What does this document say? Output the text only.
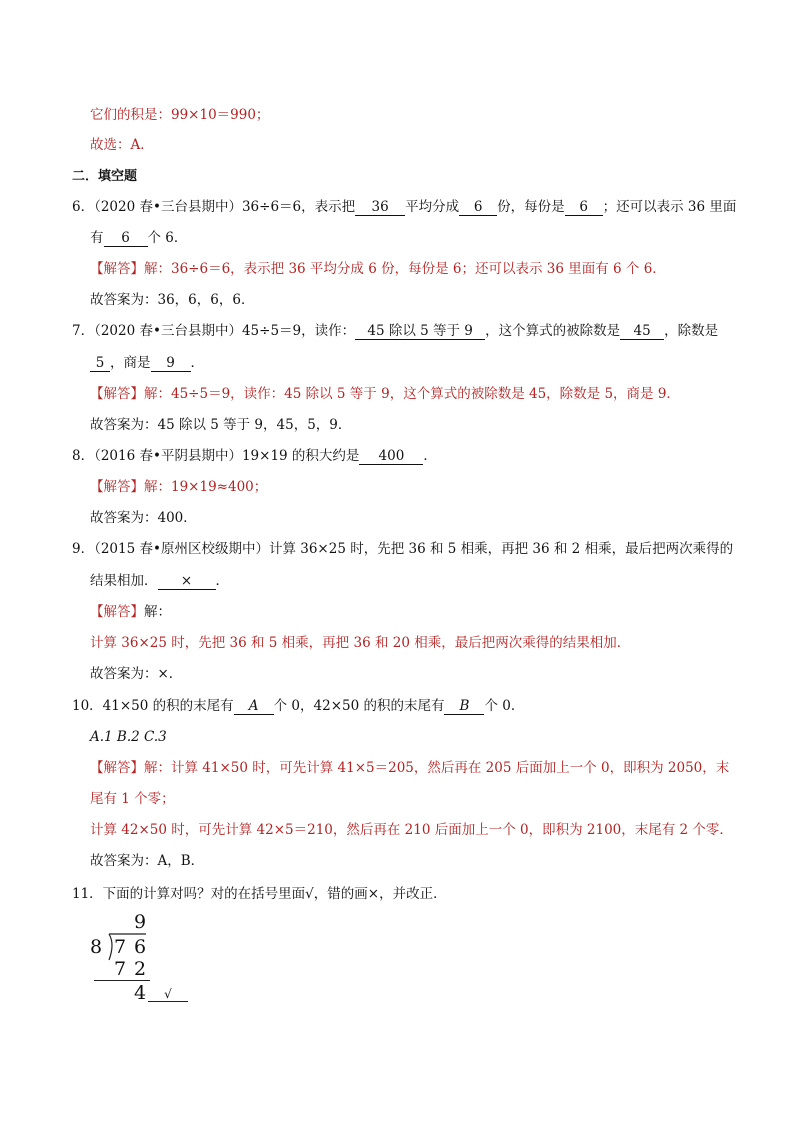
它们的积是：99×10＝990；
故选：A．
二．填空题
6．（2020 春•三台县期中）36÷6＝6，表示把 36 平均分成 6 份，每份是 6 ；还可以表示 36 里面
有 6 个 6．
【解答】解：36÷6＝6，表示把 36 平均分成 6 份，每份是 6；还可以表示 36 里面有 6 个 6．
故答案为：36，6，6，6．
7．（2020 春•三台县期中）45÷5＝9，读作： 45 除以 5 等于 9 ，这个算式的被除数是 45 ，除数是
5 ，商是 9 ．
【解答】解：45÷5＝9，读作：45 除以 5 等于 9，这个算式的被除数是 45，除数是 5，商是 9．
故答案为：45 除以 5 等于 9，45，5，9．
8．（2016 春•平阴县期中）19×19 的积大约是 400 ．
【解答】解：19×19≈400；
故答案为：400．
9．（2015 春•原州区校级期中）计算 36×25 时，先把 36 和 5 相乘，再把 36 和 2 相乘，最后把两次乘得的
结果相加． × ．
【解答】解：
计算 36×25 时，先把 36 和 5 相乘，再把 36 和 20 相乘，最后把两次乘得的结果相加．
故答案为：×．
10．41×50 的积的末尾有 A 个 0，42×50 的积的末尾有 B 个 0．
A.1 B.2 C.3
【解答】解：计算 41×50 时，可先计算 41×5＝205，然后再在 205 后面加上一个 0，即积为 2050，末
尾有 1 个零；
计算 42×50 时，可先计算 42×5＝210，然后再在 210 后面加上一个 0，即积为 2100，末尾有 2 个零．
故答案为：A，B．
11．下面的计算对吗？对的在括号里面√，错的画×，并改正．
9
8 7 6
7 2
4	√
